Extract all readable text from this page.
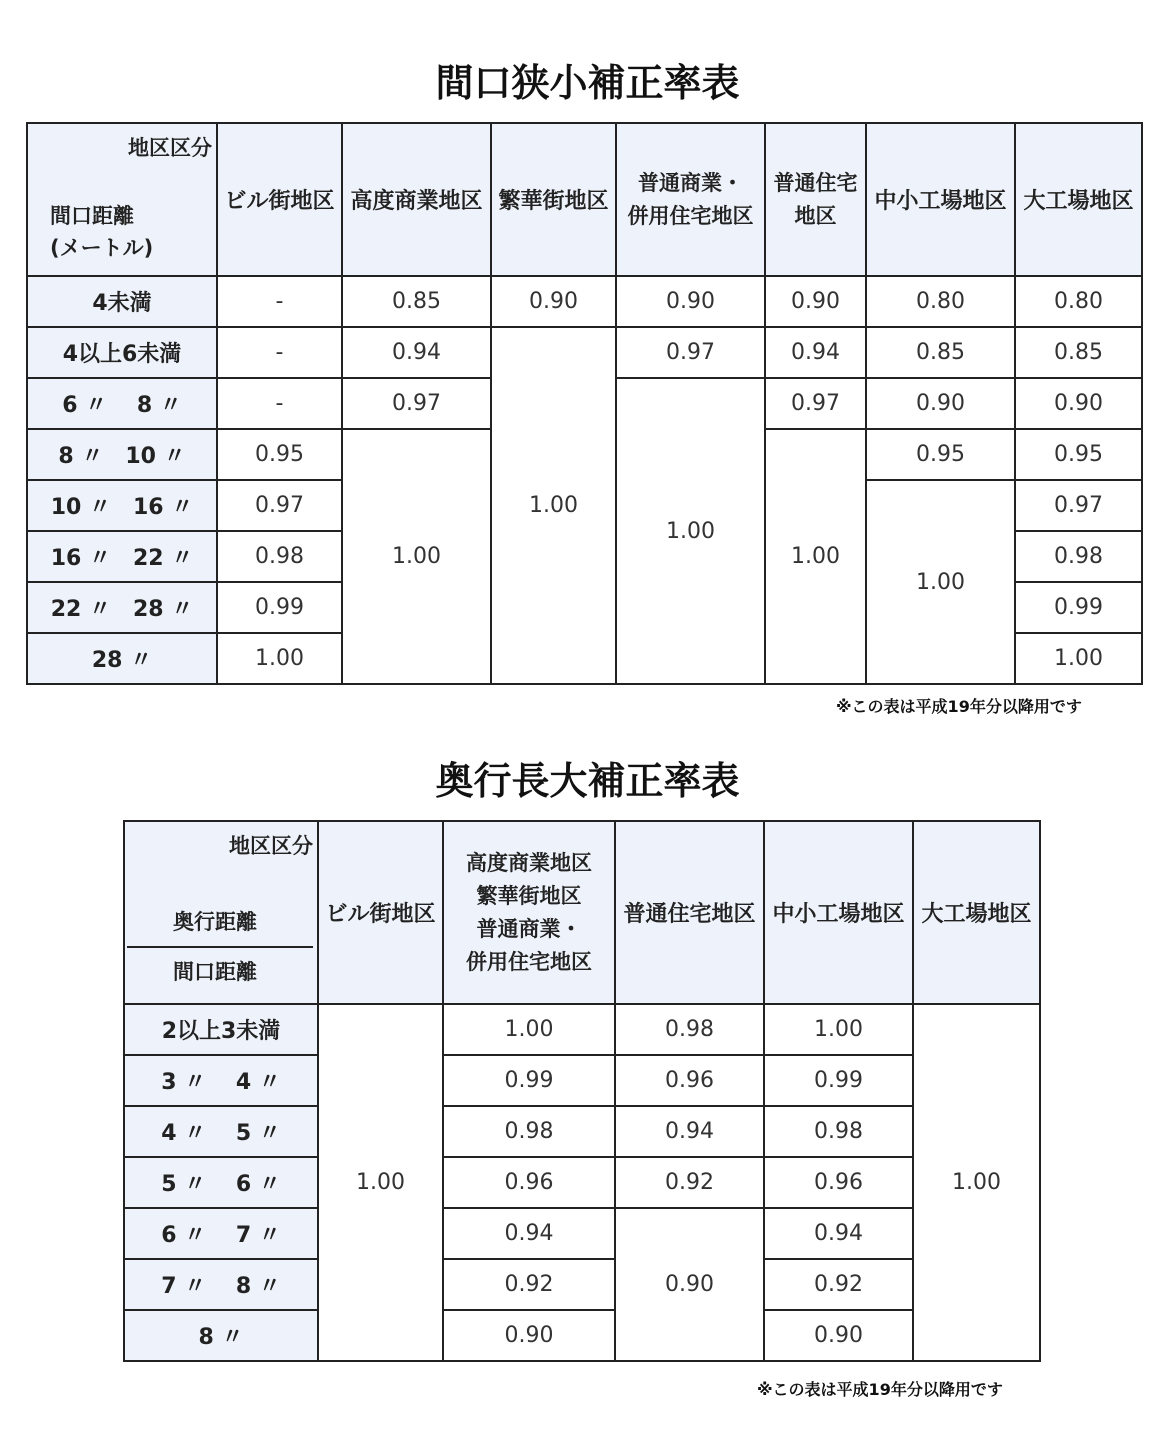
間口狭小補正率表
地区区分
間口距離
(メートル)	ビル街地区	高度商業地区	繁華街地区	普通商業・
併用住宅地区	普通住宅
地区	中小工場地区	大工場地区
4未満	-	0.85	0.90	0.90	0.90	0.80	0.80
4以上6未満	-	0.94	1.00	0.97	0.94	0.85	0.85
6 〃　 8 〃	-	0.97		1.00	0.97	0.90	0.90
8 〃　10 〃	0.95	1.00			1.00	0.95	0.95
10 〃　16 〃	0.97					1.00	0.97
16 〃　22 〃	0.98						0.98
22 〃　28 〃	0.99						0.99
28 〃	1.00						1.00
※この表は平成19年分以降用です
奥行長大補正率表
地区区分
奥行距離
間口距離	ビル街地区	高度商業地区
繁華街地区
普通商業・
併用住宅地区	普通住宅地区	中小工場地区	大工場地区
2以上3未満	1.00	1.00	0.98	1.00	1.00
3 〃　 4 〃		0.99	0.96	0.99	
4 〃　 5 〃		0.98	0.94	0.98	
5 〃　 6 〃		0.96	0.92	0.96	
6 〃　 7 〃		0.94	0.90	0.94	
7 〃　 8 〃		0.92		0.92	
8 〃		0.90		0.90	
※この表は平成19年分以降用です
